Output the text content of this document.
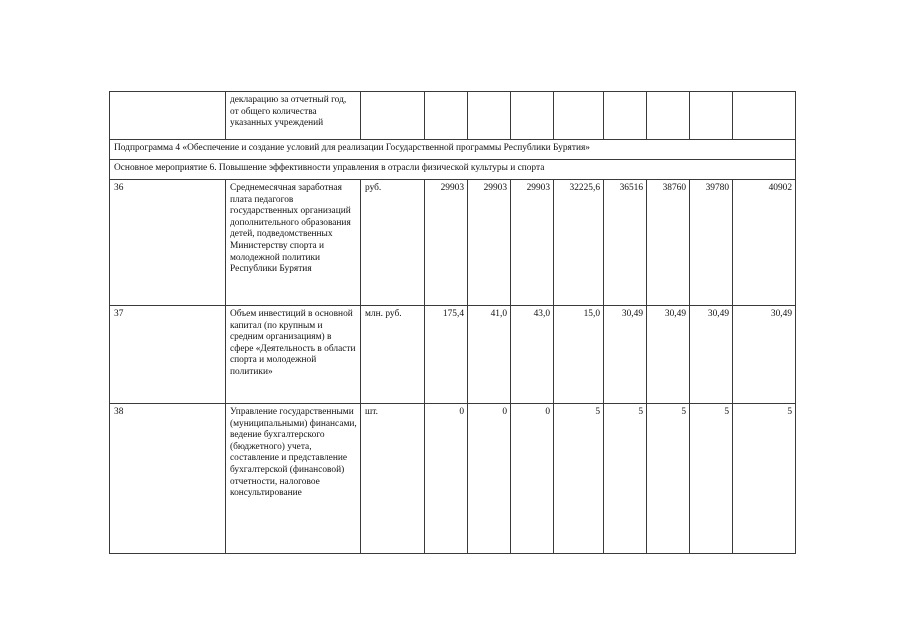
	декларацию за отчетный год, от общего количества указанных учреждений									
Подпрограмма 4 «Обеспечение и создание условий для реализации Государственной программы Республики Бурятия»										
Основное мероприятие 6. Повышение эффективности управления в отрасли физической культуры и спорта										
36	Среднемесячная заработная плата педагогов государственных организаций дополнительного образования детей, подведомственных Министерству спорта и молодежной политики Республики Бурятия	руб.	29903	29903	29903	32225,6	36516	38760	39780	40902
37	Объем инвестиций в основной капитал (по крупным и средним организациям) в сфере «Деятельность в области спорта и молодежной политики»	млн. руб.	175,4	41,0	43,0	15,0	30,49	30,49	30,49	30,49
38	Управление государственными (муниципальными) финансами, ведение бухгалтерского (бюджетного) учета, составление и представление бухгалтерской (финансовой) отчетности, налоговое консультирование	шт.	0	0	0	5	5	5	5	5
